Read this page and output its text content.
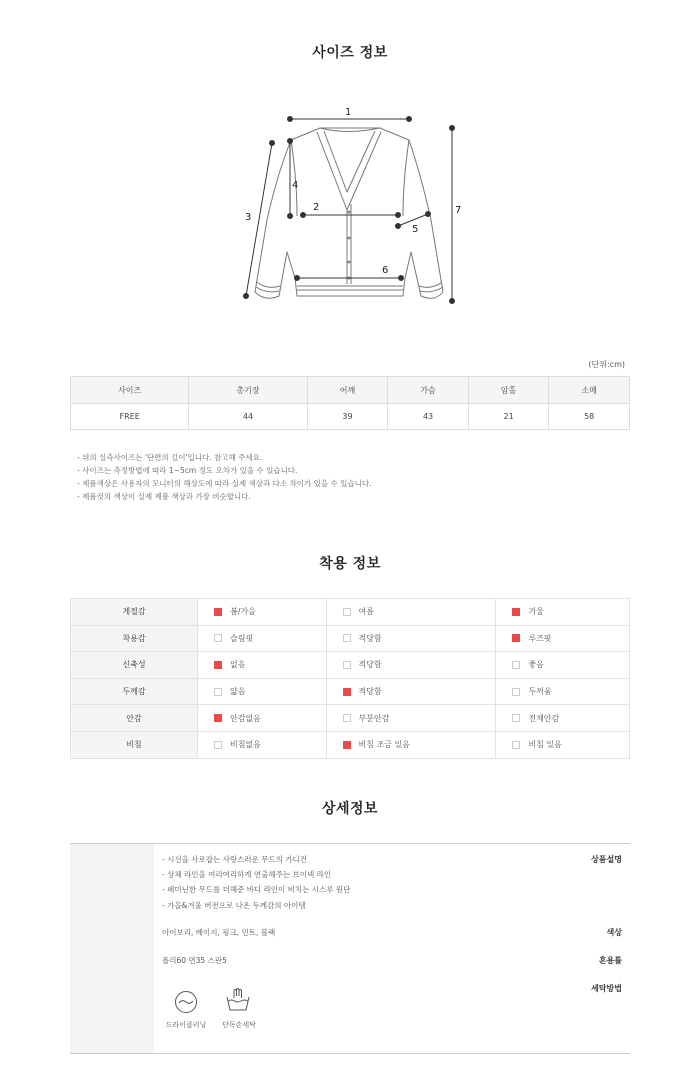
사이즈 정보
1
2
3
4
5
6
7
(단위:cm)
사이즈	총기장	어깨	가슴	암홀	소매
FREE	44	39	43	21	58
- 위의 실측사이즈는 '단면의 길이'입니다. 참고해 주세요.
- 사이즈는 측정방법에 따라 1~5cm 정도 오차가 있을 수 있습니다.
- 제품색상은 사용자의 모니터의 해상도에 따라 실제 색상과 다소 차이가 있을 수 있습니다.
- 제품컷의 색상이 실제 제품 색상과 가장 비슷합니다.
착용 정보
계절감	봄/가을	여름	겨울
착용감	슬림핏	적당함	루즈핏
신축성	없음	적당함	좋음
두께감	얇음	적당함	두꺼움
안감	안감없음	부분안감	전체안감
비침	비침없음	비침 조금 있음	비침 있음
상세정보
상품설명
- 시선을 사로잡는 사랑스러운 무드의 가디건
- 상체 라인을 여리여리하게 연출해주는 브이넥 라인
- 페미닌한 무드를 더해준 바디 라인이 비치는 시스루 원단
- 가을&겨울 버전으로 나온 두께감의 아이템
색상
아이보리, 베이지, 핑크, 민트, 블랙
혼용률
폴리60 면35 스판5
세탁방법
드라이클리닝	단독손세탁
